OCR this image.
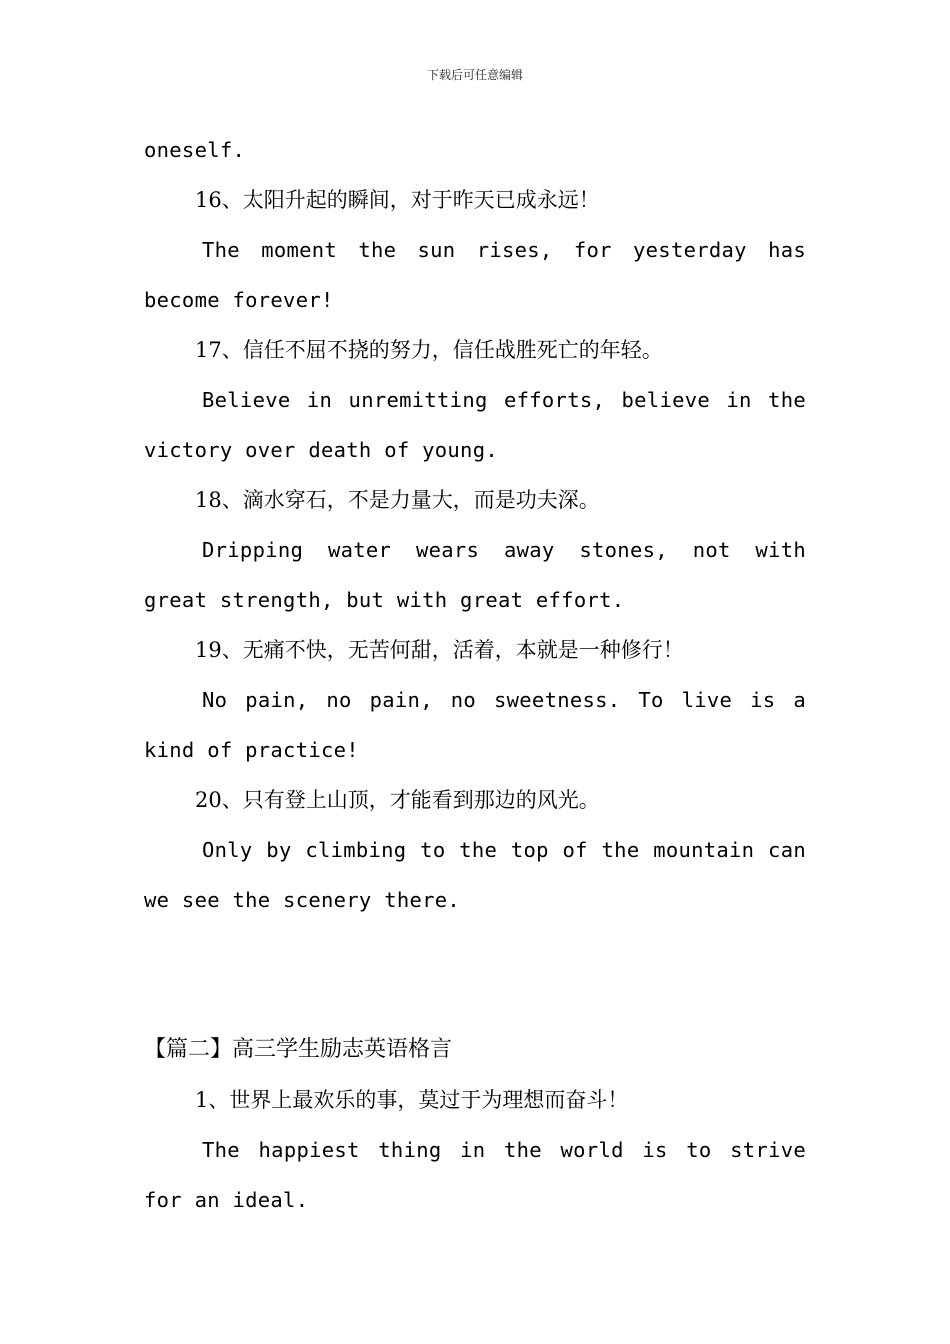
下载后可任意编辑
oneself.
16、太阳升起的瞬间，对于昨天已成永远！
The moment the sun rises, for yesterday has
become forever!
17、信任不屈不挠的努力，信任战胜死亡的年轻。
Believe in unremitting efforts, believe in the
victory over death of young.
18、滴水穿石，不是力量大，而是功夫深。
Dripping water wears away stones, not with
great strength, but with great effort.
19、无痛不快，无苦何甜，活着，本就是一种修行！
No pain, no pain, no sweetness. To live is a
kind of practice!
20、只有登上山顶，才能看到那边的风光。
Only by climbing to the top of the mountain can
we see the scenery there.
【篇二】高三学生励志英语格言
1、世界上最欢乐的事，莫过于为理想而奋斗！
The happiest thing in the world is to strive
for an ideal.
